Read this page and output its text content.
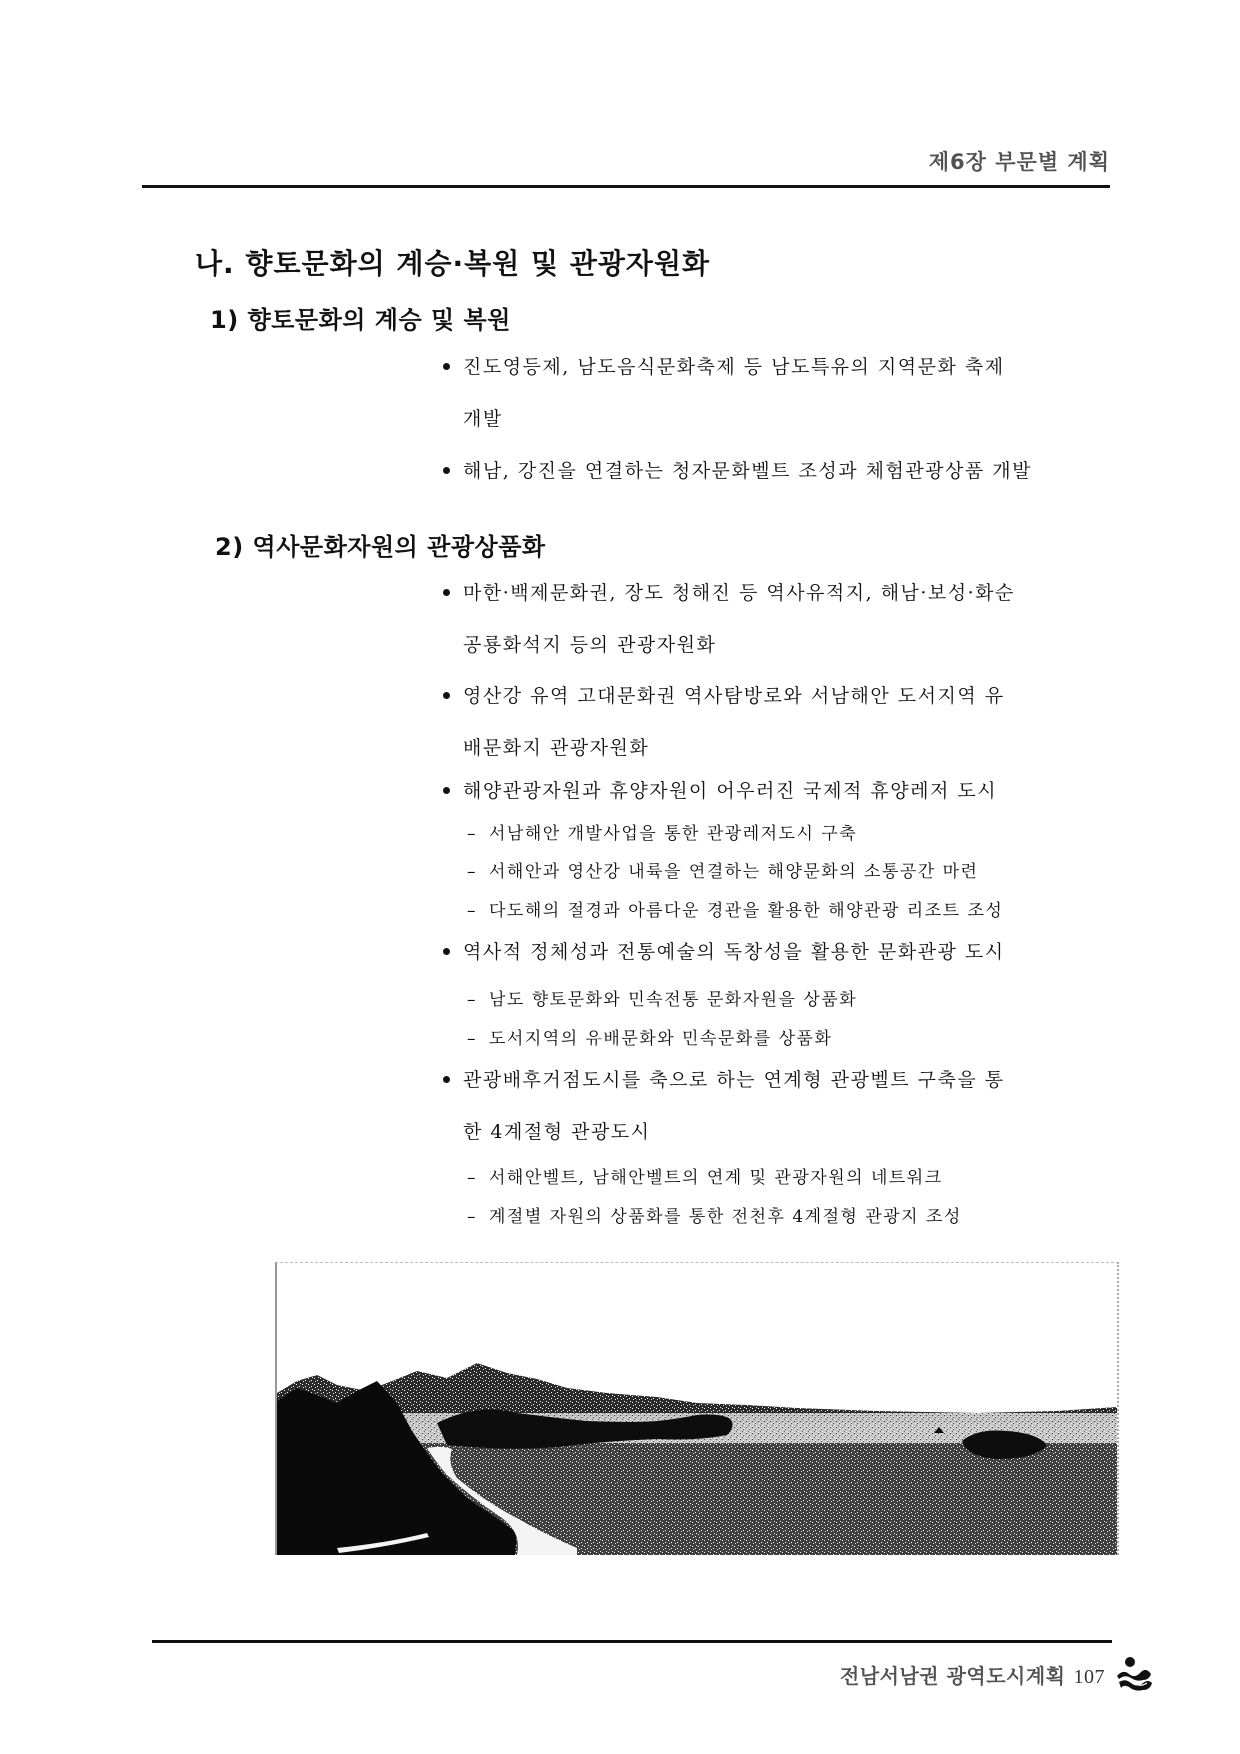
제6장 부문별 계획
나. 향토문화의 계승·복원 및 관광자원화
1) 향토문화의 계승 및 복원
진도영등제, 남도음식문화축제 등 남도특유의 지역문화 축제
개발
해남, 강진을 연결하는 청자문화벨트 조성과 체험관광상품 개발
2) 역사문화자원의 관광상품화
마한·백제문화권, 장도 청해진 등 역사유적지, 해남·보성·화순
공룡화석지 등의 관광자원화
영산강 유역 고대문화권 역사탐방로와 서남해안 도서지역 유
배문화지 관광자원화
해양관광자원과 휴양자원이 어우러진 국제적 휴양레저 도시
– 서남해안 개발사업을 통한 관광레저도시 구축
– 서해안과 영산강 내륙을 연결하는 해양문화의 소통공간 마련
– 다도해의 절경과 아름다운 경관을 활용한 해양관광 리조트 조성
역사적 정체성과 전통예술의 독창성을 활용한 문화관광 도시
– 남도 향토문화와 민속전통 문화자원을 상품화
– 도서지역의 유배문화와 민속문화를 상품화
관광배후거점도시를 축으로 하는 연계형 관광벨트 구축을 통
한 4계절형 관광도시
– 서해안벨트, 남해안벨트의 연계 및 관광자원의 네트워크
– 계절별 자원의 상품화를 통한 전천후 4계절형 관광지 조성
전남서남권 광역도시계획 107
